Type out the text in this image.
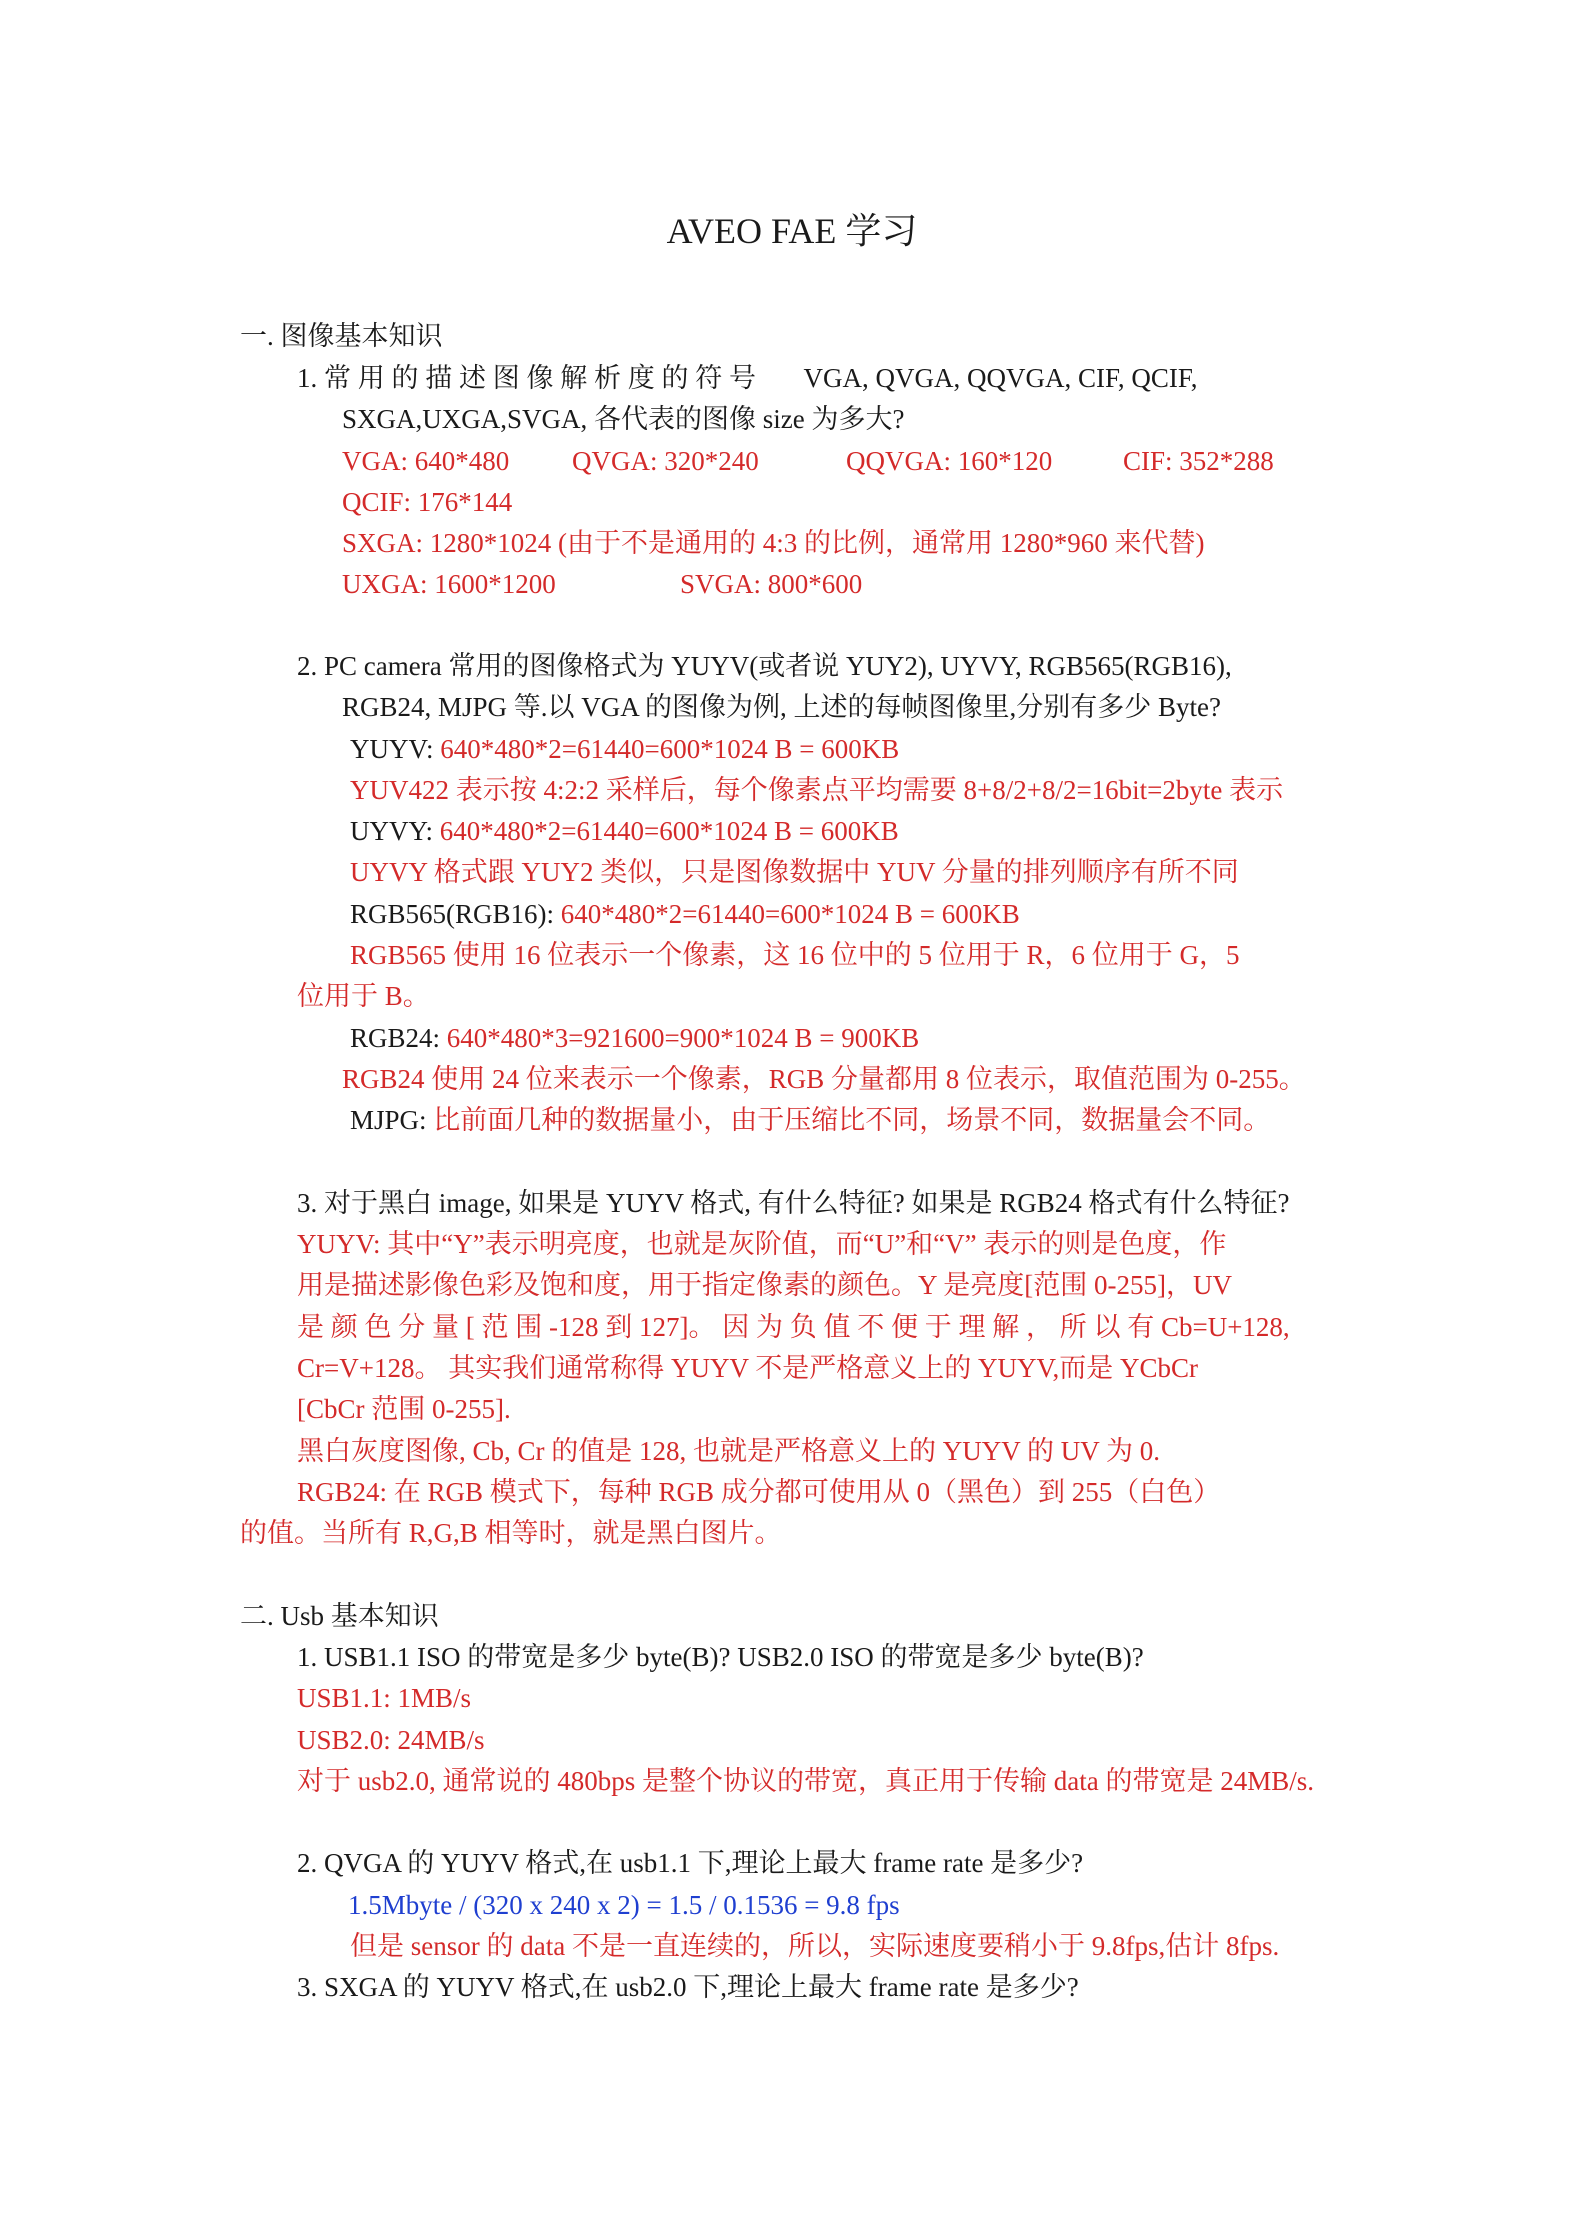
AVEO FAE 学习
一. 图像基本知识
1. 常 用 的 描 述 图 像 解 析 度 的 符 号 VGA, QVGA, QQVGA, CIF, QCIF,
SXGA,UXGA,SVGA, 各代表的图像 size 为多大?
VGA: 640*480 QVGA: 320*240	QQVGA: 160*120	CIF: 352*288
QCIF: 176*144
SXGA: 1280*1024 (由于不是通用的 4:3 的比例，通常用 1280*960 来代替)
UXGA: 1600*1200	SVGA: 800*600
2. PC camera 常用的图像格式为 YUYV(或者说 YUY2), UYVY, RGB565(RGB16),
RGB24, MJPG 等.以 VGA 的图像为例, 上述的每帧图像里,分别有多少 Byte?
YUYV: 640*480*2=61440=600*1024 B = 600KB
YUV422 表示按 4:2:2 采样后，每个像素点平均需要 8+8/2+8/2=16bit=2byte 表示
UYVY: 640*480*2=61440=600*1024 B = 600KB
UYVY 格式跟 YUY2 类似，只是图像数据中 YUV 分量的排列顺序有所不同
RGB565(RGB16): 640*480*2=61440=600*1024 B = 600KB
RGB565 使用 16 位表示一个像素，这 16 位中的 5 位用于 R，6 位用于 G，5
位用于 B。
RGB24: 640*480*3=921600=900*1024 B = 900KB
RGB24 使用 24 位来表示一个像素，RGB 分量都用 8 位表示，取值范围为 0-255。
MJPG: 比前面几种的数据量小，由于压缩比不同，场景不同，数据量会不同。
3. 对于黑白 image, 如果是 YUYV 格式, 有什么特征? 如果是 RGB24 格式有什么特征?
YUYV: 其中“Y”表示明亮度，也就是灰阶值，而“U”和“V” 表示的则是色度，作
用是描述影像色彩及饱和度，用于指定像素的颜色。Y 是亮度[范围 0-255]，UV
是 颜 色 分 量 [ 范 围 -128 到 127]。 因 为 负 值 不 便 于 理 解 ， 所 以 有 Cb=U+128,
Cr=V+128。 其实我们通常称得 YUYV 不是严格意义上的 YUYV,而是 YCbCr
[CbCr 范围 0-255].
黑白灰度图像, Cb, Cr 的值是 128, 也就是严格意义上的 YUYV 的 UV 为 0.
RGB24: 在 RGB 模式下，每种 RGB 成分都可使用从 0（黑色）到 255（白色）
的值。当所有 R,G,B 相等时，就是黑白图片。
二. Usb 基本知识
1. USB1.1 ISO 的带宽是多少 byte(B)? USB2.0 ISO 的带宽是多少 byte(B)?
USB1.1: 1MB/s
USB2.0: 24MB/s
对于 usb2.0, 通常说的 480bps 是整个协议的带宽，真正用于传输 data 的带宽是 24MB/s.
2. QVGA 的 YUYV 格式,在 usb1.1 下,理论上最大 frame rate 是多少?
1.5Mbyte / (320 x 240 x 2) = 1.5 / 0.1536 = 9.8 fps
但是 sensor 的 data 不是一直连续的，所以，实际速度要稍小于 9.8fps,估计 8fps.
3. SXGA 的 YUYV 格式,在 usb2.0 下,理论上最大 frame rate 是多少?
